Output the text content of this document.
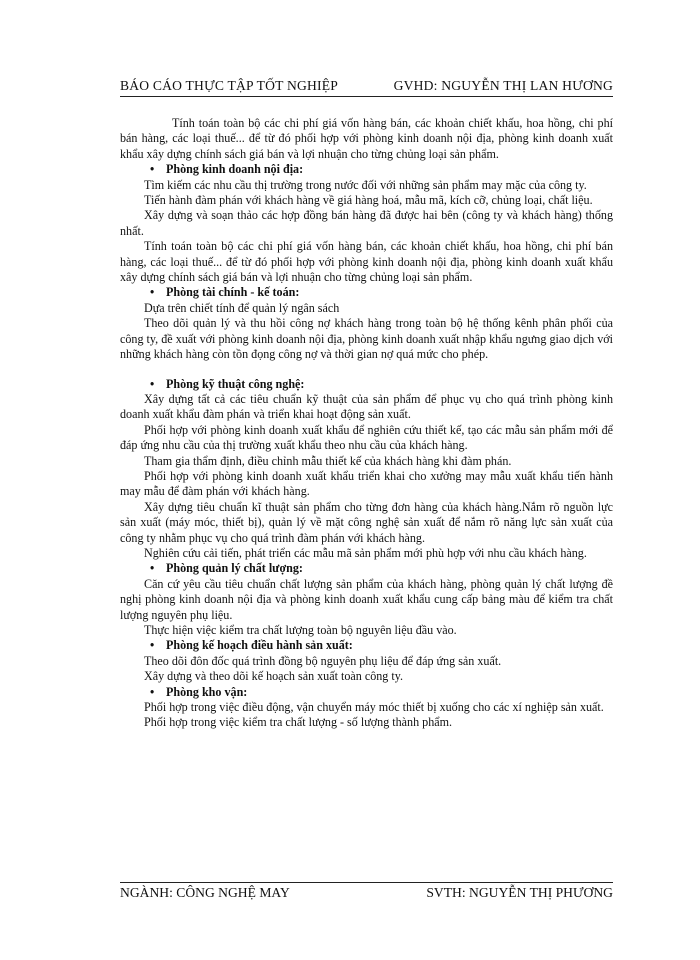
BÁO CÁO THỰC TẬP TỐT NGHIỆP	GVHD: NGUYỄN THỊ LAN HƯƠNG

Tính toán toàn bộ các chi phí giá vốn hàng bán, các khoản chiết khấu, hoa hồng, chi phí bán hàng, các loại thuế... để từ đó phối hợp với phòng kinh doanh nội địa, phòng kinh doanh xuất khẩu xây dựng chính sách giá bán và lợi nhuận cho từng chủng loại sản phẩm.

• Phòng kinh doanh nội địa:

Tìm kiếm các nhu cầu thị trường trong nước đối với những sản phẩm may mặc của công ty.

Tiến hành đàm phán với khách hàng về giá hàng hoá, mẫu mã, kích cỡ, chủng loại, chất liệu.

Xây dựng và soạn thảo các hợp đồng bán hàng đã được hai bên (công ty và khách hàng) thống nhất.

Tính toán toàn bộ các chi phí giá vốn hàng bán, các khoản chiết khấu, hoa hồng, chi phí bán hàng, các loại thuế... để từ đó phối hợp với phòng kinh doanh nội địa, phòng kinh doanh xuất khẩu xây dựng chính sách giá bán và lợi nhuận cho từng chủng loại sản phẩm.

• Phòng tài chính - kế toán:

Dựa trên chiết tính để quản lý ngân sách

Theo dõi quản lý và thu hồi công nợ khách hàng trong toàn bộ hệ thống kênh phân phối của công ty, đề xuất với phòng kinh doanh nội địa, phòng kinh doanh xuất nhập khẩu ngưng giao dịch với những khách hàng còn tồn đọng công nợ và thời gian nợ quá mức cho phép.

• Phòng kỹ thuật công nghệ:

Xây dựng tất cả các tiêu chuẩn kỹ thuật của sản phẩm để phục vụ cho quá trình phòng kinh doanh xuất khẩu đàm phán và triển khai hoạt động sản xuất.

Phối hợp với phòng kinh doanh xuất khẩu để nghiên cứu thiết kế, tạo các mẫu sản phẩm mới để đáp ứng nhu cầu của thị trường xuất khẩu theo nhu cầu của khách hàng.

Tham gia thẩm định, điều chỉnh mẫu thiết kế của khách hàng khi đàm phán.

Phối hợp với phòng kinh doanh xuất khẩu triển khai cho xưởng may mẫu xuất khẩu tiến hành may mẫu để đàm phán với khách hàng.

Xây dựng tiêu chuẩn kĩ thuật sản phẩm cho từng đơn hàng của khách hàng.Nắm rõ nguồn lực sản xuất (máy móc, thiết bị), quản lý về mặt công nghệ sản xuất để nắm rõ năng lực sản xuất của công ty nhằm phục vụ cho quá trình đàm phán với khách hàng.

Nghiên cứu cải tiến, phát triển các mẫu mã sản phẩm mới phù hợp với nhu cầu khách hàng.

• Phòng quản lý chất lượng:

Căn cứ yêu cầu tiêu chuẩn chất lượng sản phẩm của khách hàng, phòng quản lý chất lượng đề nghị phòng kinh doanh nội địa và phòng kinh doanh xuất khẩu cung cấp bảng màu để kiểm tra chất lượng nguyên phụ liệu.

Thực hiện việc kiểm tra chất lượng toàn bộ nguyên liệu đầu vào.

• Phòng kế hoạch điều hành sản xuất:

Theo dõi đôn đốc quá trình đồng bộ nguyên phụ liệu để đáp ứng sản xuất.

Xây dựng và theo dõi kế hoạch sản xuất toàn công ty.

• Phòng kho vận:

Phối hợp trong việc điều động, vận chuyển máy móc thiết bị xuống cho các xí nghiệp sản xuất.

Phối hợp trong việc kiểm tra chất lượng - số lượng thành phẩm.

NGÀNH: CÔNG NGHỆ MAY	SVTH: NGUYỄN THỊ PHƯƠNG
